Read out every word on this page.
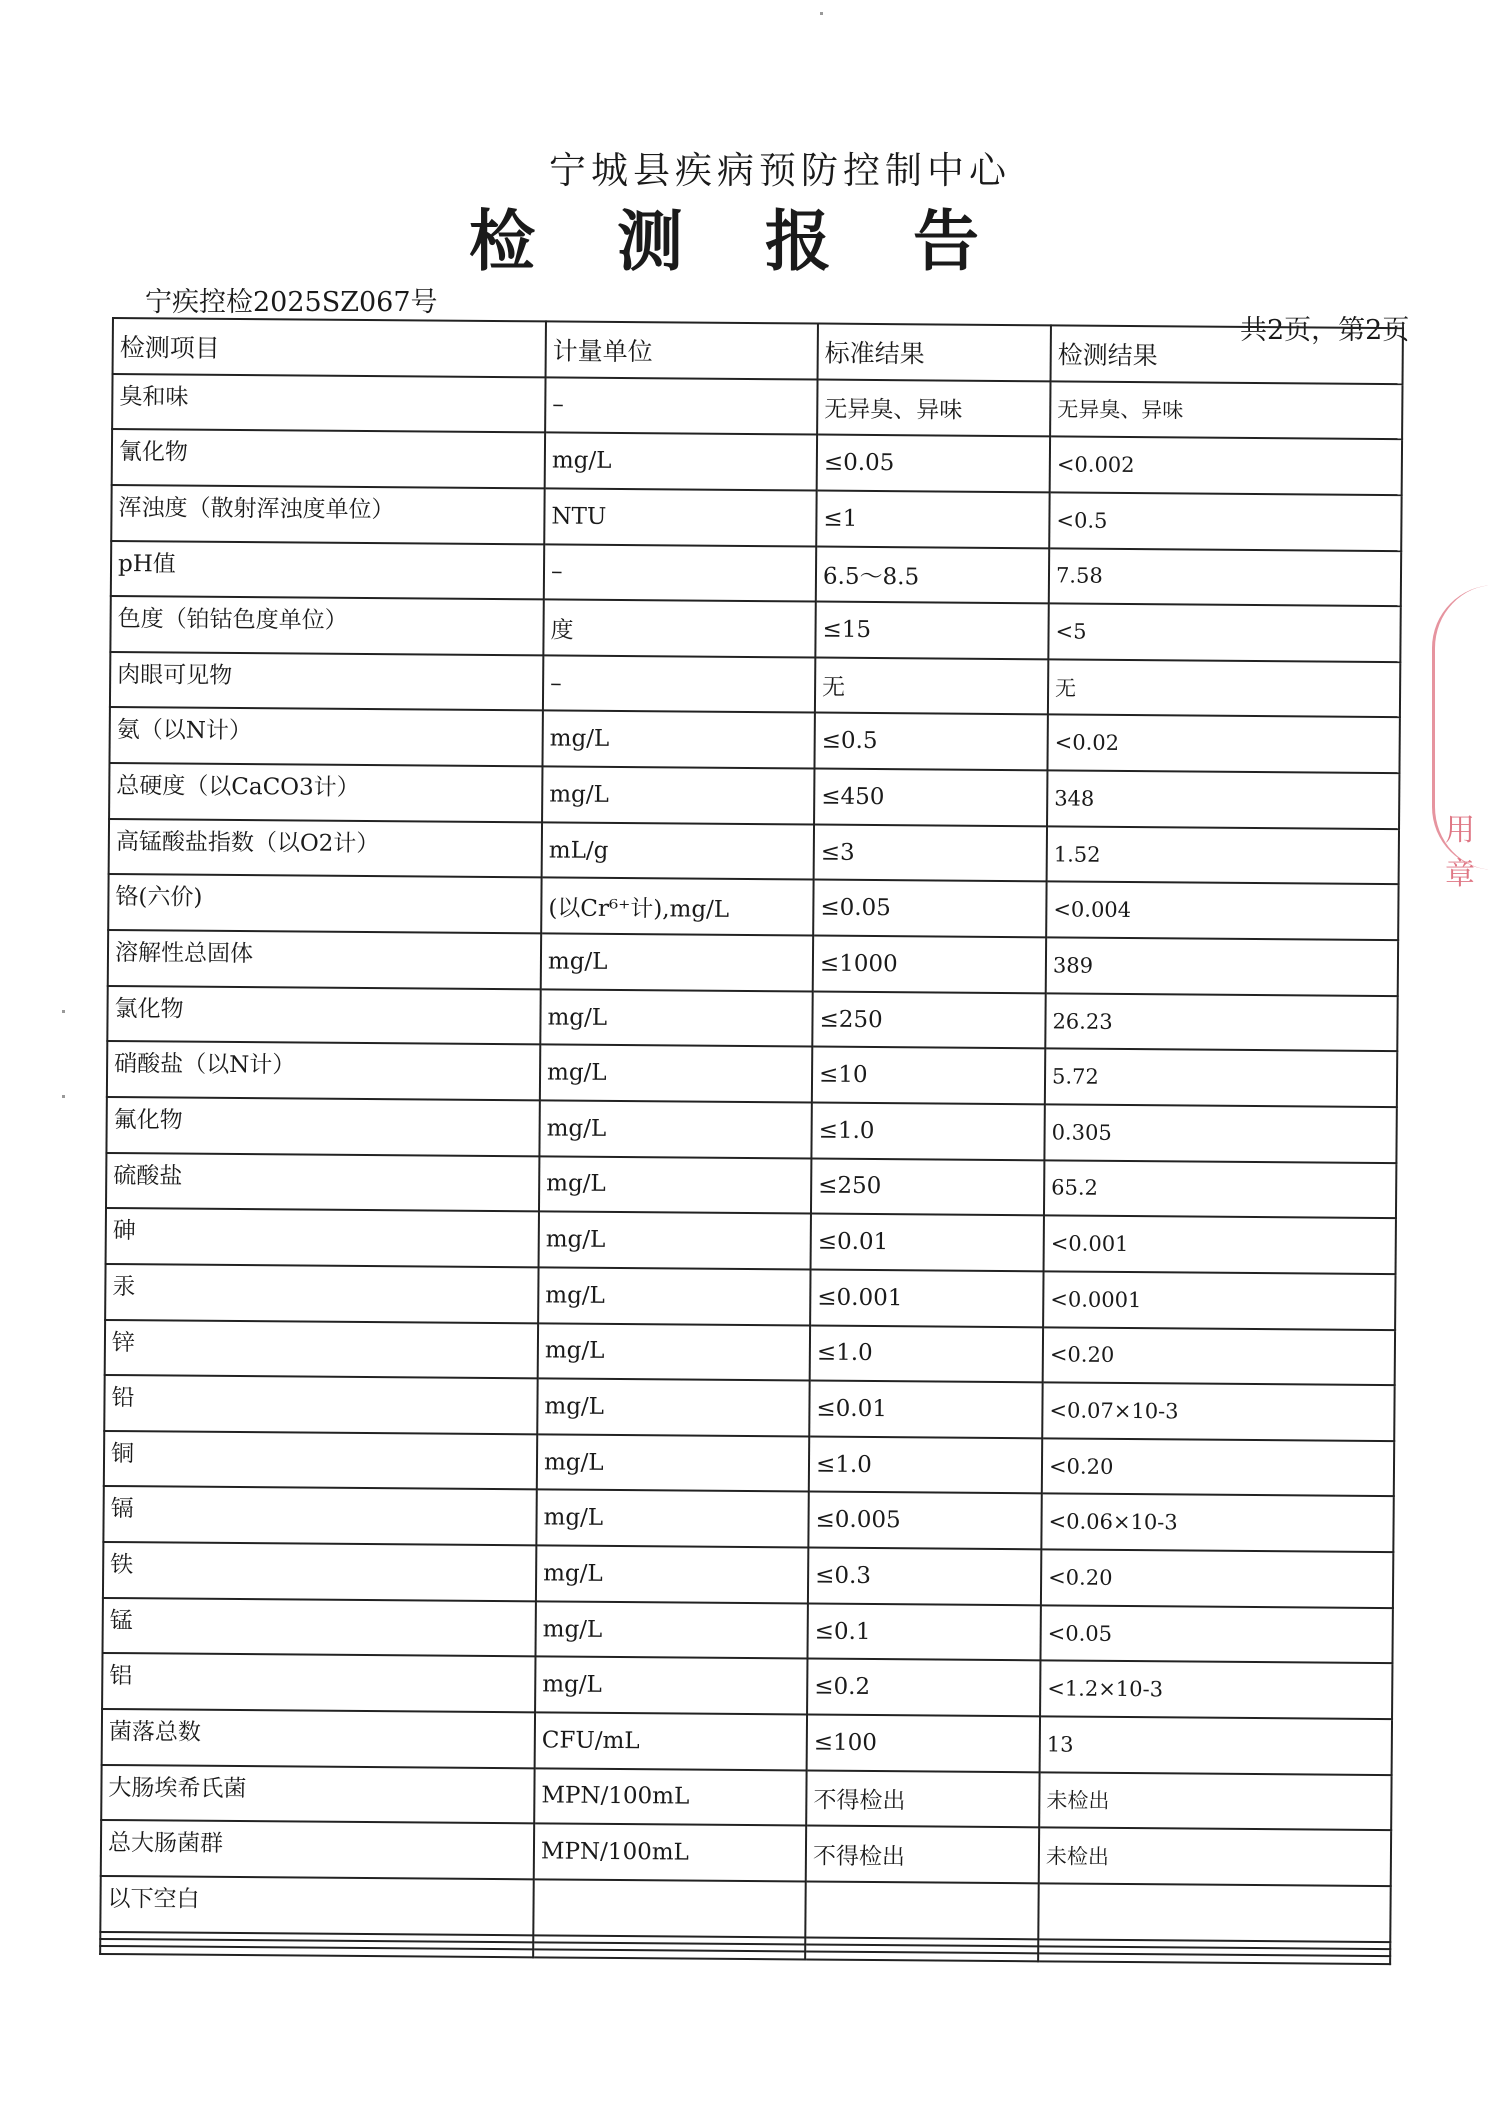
宁城县疾病预防控制中心
检测报告
宁疾控检2025SZ067号
共2页，第2页
检测项目	计量单位	标准结果	检测结果
臭和味	–	无异臭、异味	无异臭、异味
氰化物	mg/L	≤0.05	<0.002
浑浊度（散射浑浊度单位）	NTU	≤1	<0.5
pH值	–	6.5～8.5	7.58
色度（铂钴色度单位）	度	≤15	<5
肉眼可见物	–	无	无
氨（以N计）	mg/L	≤0.5	<0.02
总硬度（以CaCO3计）	mg/L	≤450	348
高锰酸盐指数（以O2计）	mL/g	≤3	1.52
铬(六价)	(以Cr⁶⁺计),mg/L	≤0.05	<0.004
溶解性总固体	mg/L	≤1000	389
氯化物	mg/L	≤250	26.23
硝酸盐（以N计）	mg/L	≤10	5.72
氟化物	mg/L	≤1.0	0.305
硫酸盐	mg/L	≤250	65.2
砷	mg/L	≤0.01	<0.001
汞	mg/L	≤0.001	<0.0001
锌	mg/L	≤1.0	<0.20
铅	mg/L	≤0.01	<0.07×10-3
铜	mg/L	≤1.0	<0.20
镉	mg/L	≤0.005	<0.06×10-3
铁	mg/L	≤0.3	<0.20
锰	mg/L	≤0.1	<0.05
铝	mg/L	≤0.2	<1.2×10-3
菌落总数	CFU/mL	≤100	13
大肠埃希氏菌	MPN/100mL	不得检出	未检出
总大肠菌群	MPN/100mL	不得检出	未检出
以下空白			

用章
